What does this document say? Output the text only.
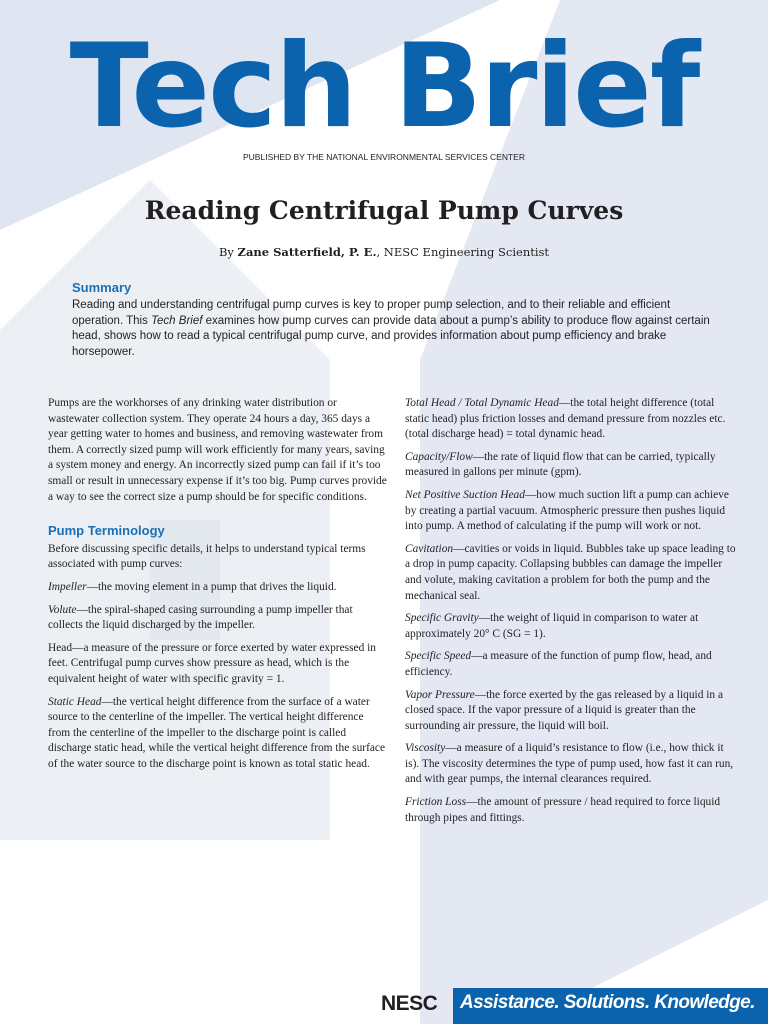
Tech Brief
PUBLISHED BY THE NATIONAL ENVIRONMENTAL SERVICES CENTER
Reading Centrifugal Pump Curves
By Zane Satterfield, P. E., NESC Engineering Scientist
Summary

Reading and understanding centrifugal pump curves is key to proper pump selection, and to their reliable and efficient operation. This Tech Brief examines how pump curves can provide data about a pump’s ability to produce flow against certain head, shows how to read a typical centrifugal pump curve, and provides information about pump efficiency and brake horsepower.

Pumps are the workhorses of any drinking water distribution or wastewater collection system. They operate 24 hours a day, 365 days a year getting water to homes and business, and removing wastewater from them. A correctly sized pump will work efficiently for many years, saving a system money and energy. An incorrectly sized pump can fail if it’s too small or result in unnecessary expense if it’s too big. Pump curves provide a way to see the correct size a pump should be for specific conditions.

Pump Terminology

Before discussing specific details, it helps to understand typical terms associated with pump curves:

Impeller—the moving element in a pump that drives the liquid.

Volute—the spiral-shaped casing surrounding a pump impeller that collects the liquid discharged by the impeller.

Head—a measure of the pressure or force exerted by water expressed in feet. Centrifugal pump curves show pressure as head, which is the equivalent height of water with specific gravity = 1.

Static Head—the vertical height difference from the surface of a water source to the centerline of the impeller. The vertical height difference from the centerline of the impeller to the discharge point is called discharge static head, while the vertical height difference from the surface of the water source to the discharge point is known as total static head.

Total Head / Total Dynamic Head—the total height difference (total static head) plus friction losses and demand pressure from nozzles etc. (total discharge head) = total dynamic head.

Capacity/Flow—the rate of liquid flow that can be carried, typically measured in gallons per minute (gpm).

Net Positive Suction Head—how much suction lift a pump can achieve by creating a partial vacuum. Atmospheric pressure then pushes liquid into pump. A method of calculating if the pump will work or not.

Cavitation—cavities or voids in liquid. Bubbles take up space leading to a drop in pump capacity. Collapsing bubbles can damage the impeller and volute, making cavitation a problem for both the pump and the mechanical seal.

Specific Gravity—the weight of liquid in comparison to water at approximately 20° C (SG = 1).

Specific Speed—a measure of the function of pump flow, head, and efficiency.

Vapor Pressure—the force exerted by the gas released by a liquid in a closed space. If the vapor pressure of a liquid is greater than the surrounding air pressure, the liquid will boil.

Viscosity—a measure of a liquid’s resistance to flow (i.e., how thick it is). The viscosity determines the type of pump used, how fast it can run, and with gear pumps, the internal clearances required.

Friction Loss—the amount of pressure / head required to force liquid through pipes and fittings.

NESC Assistance. Solutions. Knowledge.
